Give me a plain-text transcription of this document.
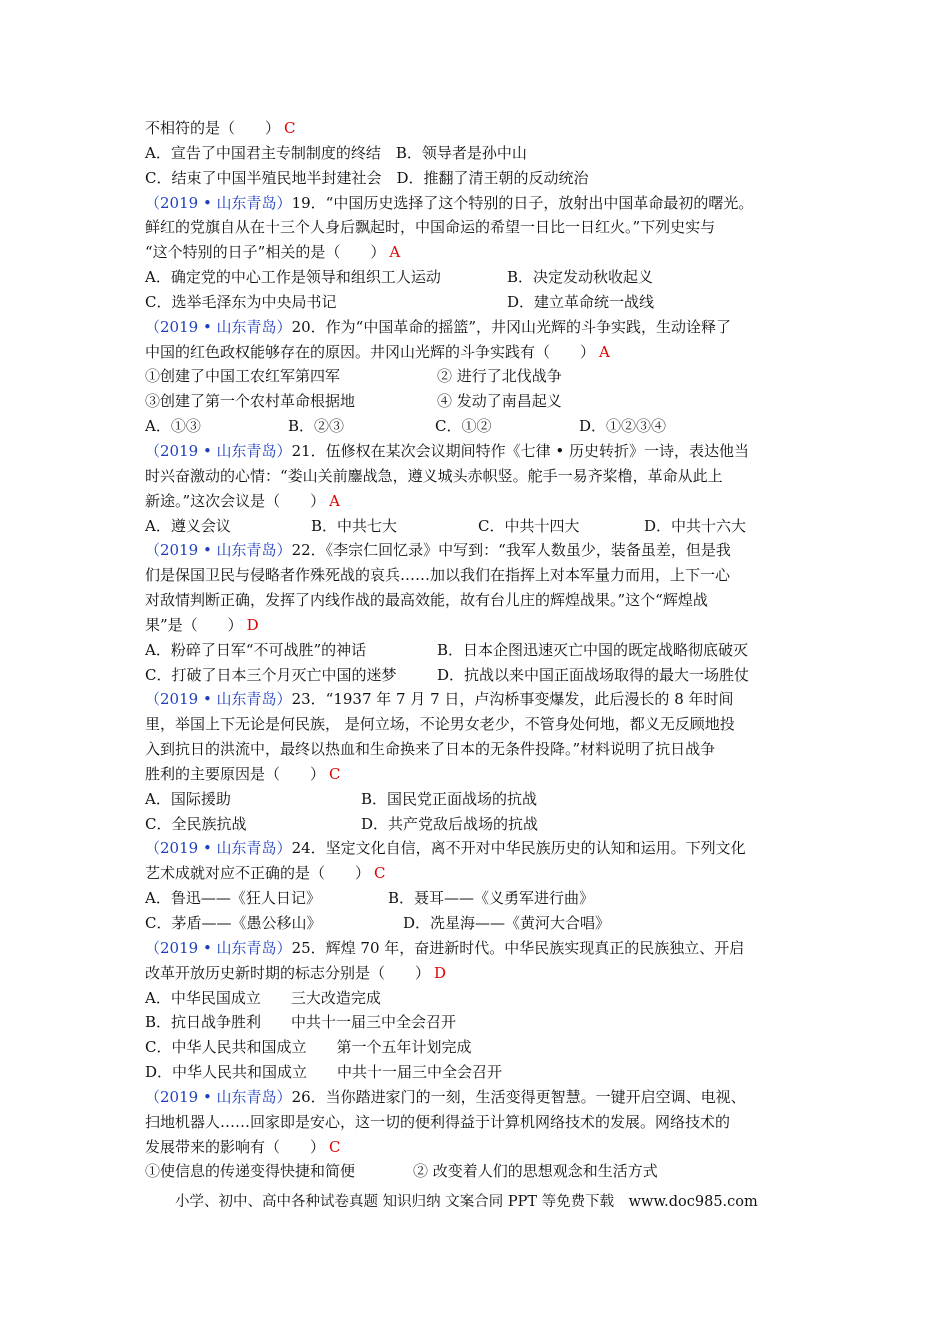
不相符的是（　　） C
A．宣告了中国君主专制制度的终结　B．领导者是孙中山
C．结束了中国半殖民地半封建社会　D．推翻了清王朝的反动统治
（2019 • 山东青岛）19．“中国历史选择了这个特别的日子，放射出中国革命最初的曙光。
鲜红的党旗自从在十三个人身后飘起时，中国命运的希望一日比一日红火。”下列史实与
“这个特别的日子”相关的是（　　） A
A．确定党的中心工作是领导和组织工人运动	B．决定发动秋收起义
C．选举毛泽东为中央局书记	D．建立革命统一战线
（2019 • 山东青岛）20．作为“中国革命的摇篮”，井冈山光辉的斗争实践，生动诠释了
中国的红色政权能够存在的原因。井冈山光辉的斗争实践有（　　） A
①创建了中国工农红军第四军	② 进行了北伐战争
③创建了第一个农村革命根据地	④ 发动了南昌起义
A．①③	B．②③	C．①②	D．①②③④
（2019 • 山东青岛）21．伍修权在某次会议期间特作《七律 • 历史转折》一诗，表达他当
时兴奋激动的心情：“娄山关前鏖战急，遵义城头赤帜竖。舵手一易齐桨橹，革命从此上
新途。”这次会议是（　　） A
A．遵义会议	B．中共七大	C．中共十四大	D．中共十六大
（2019 • 山东青岛）22．《李宗仁回忆录》中写到：“我军人数虽少，装备虽差，但是我
们是保国卫民与侵略者作殊死战的哀兵……加以我们在指挥上对本军量力而用，上下一心
对敌情判断正确，发挥了内线作战的最高效能，故有台儿庄的辉煌战果。”这个“辉煌战
果”是（　　） D
A．粉碎了日军“不可战胜”的神话	B．日本企图迅速灭亡中国的既定战略彻底破灭
C．打破了日本三个月灭亡中国的迷梦	D．抗战以来中国正面战场取得的最大一场胜仗
（2019 • 山东青岛）23．“1937 年 7 月 7 日，卢沟桥事变爆发，此后漫长的 8 年时间
里，举国上下无论是何民族， 是何立场，不论男女老少，不管身处何地，都义无反顾地投
入到抗日的洪流中，最终以热血和生命换来了日本的无条件投降。”材料说明了抗日战争
胜利的主要原因是（　　） C
A．国际援助	B．国民党正面战场的抗战
C．全民族抗战	D．共产党敌后战场的抗战
（2019 • 山东青岛）24．坚定文化自信，离不开对中华民族历史的认知和运用。下列文化
艺术成就对应不正确的是（　　） C
A．鲁迅——《狂人日记》	B．聂耳——《义勇军进行曲》
C．茅盾——《愚公移山》	D．冼星海——《黄河大合唱》
（2019 • 山东青岛）25．辉煌 70 年，奋进新时代。中华民族实现真正的民族独立、开启
改革开放历史新时期的标志分别是（　　） D
A．中华民国成立　　三大改造完成
B．抗日战争胜利　　中共十一届三中全会召开
C．中华人民共和国成立　　第一个五年计划完成
D．中华人民共和国成立　　中共十一届三中全会召开
（2019 • 山东青岛）26．当你踏进家门的一刻，生活变得更智慧。一键开启空调、电视、
扫地机器人……回家即是安心，这一切的便利得益于计算机网络技术的发展。网络技术的
发展带来的影响有（　　） C
①使信息的传递变得快捷和简便	② 改变着人们的思想观念和生活方式
小学、初中、高中各种试卷真题 知识归纳 文案合同 PPT 等免费下载　www.doc985.com
